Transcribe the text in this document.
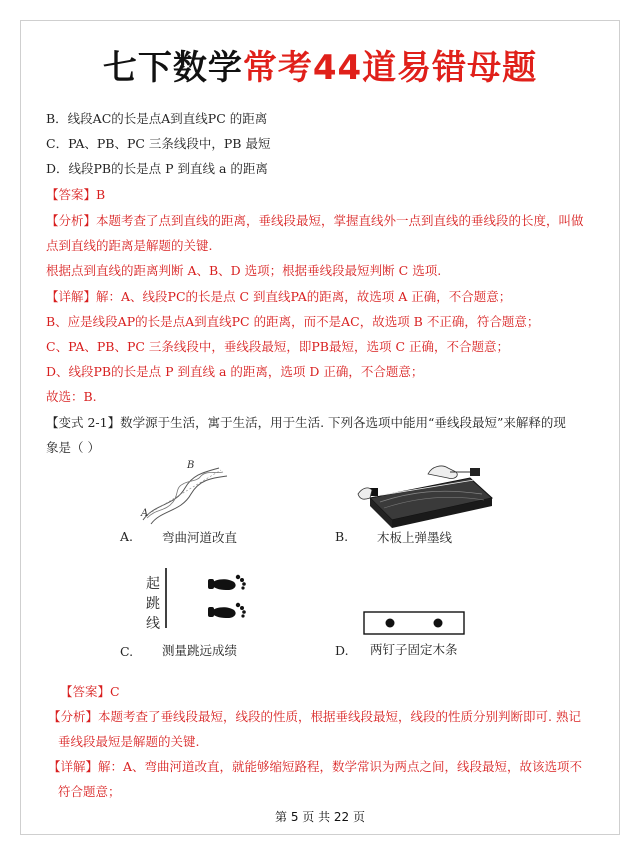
七下数学常考44道易错母题
B．线段AC的长是点A到直线PC 的距离
C．PA、PB、PC 三条线段中，PB 最短
D．线段PB的长是点 P 到直线 a 的距离
【答案】B
【分析】本题考查了点到直线的距离，垂线段最短，掌握直线外一点到直线的垂线段的长度，叫做
点到直线的距离是解题的关键.
根据点到直线的距离判断 A、B、D 选项；根据垂线段最短判断 C 选项.
【详解】解：A、线段PC的长是点 C 到直线PA的距离，故选项 A 正确，不合题意；
B、应是线段AP的长是点A到直线PC 的距离，而不是AC，故选项 B 不正确，符合题意；
C、PA、PB、PC 三条线段中，垂线段最短，即PB最短，选项 C 正确，不合题意；
D、线段PB的长是点 P 到直线 a 的距离，选项 D 正确，不合题意；
故选：B.
【变式 2-1】数学源于生活，寓于生活，用于生活. 下列各选项中能用“垂线段最短”来解释的现
象是（ ）
B
A
A. 弯曲河道改直	B. 木板上弹墨线
起
跳
线
C. 测量跳远成绩	D. 两钉子固定木条
【答案】C
【分析】本题考查了垂线段最短，线段的性质，根据垂线段最短，线段的性质分别判断即可. 熟记
垂线段最短是解题的关键.
【详解】解：A、弯曲河道改直，就能够缩短路程，数学常识为两点之间，线段最短，故该选项不
符合题意；
第 5 页 共 22 页
